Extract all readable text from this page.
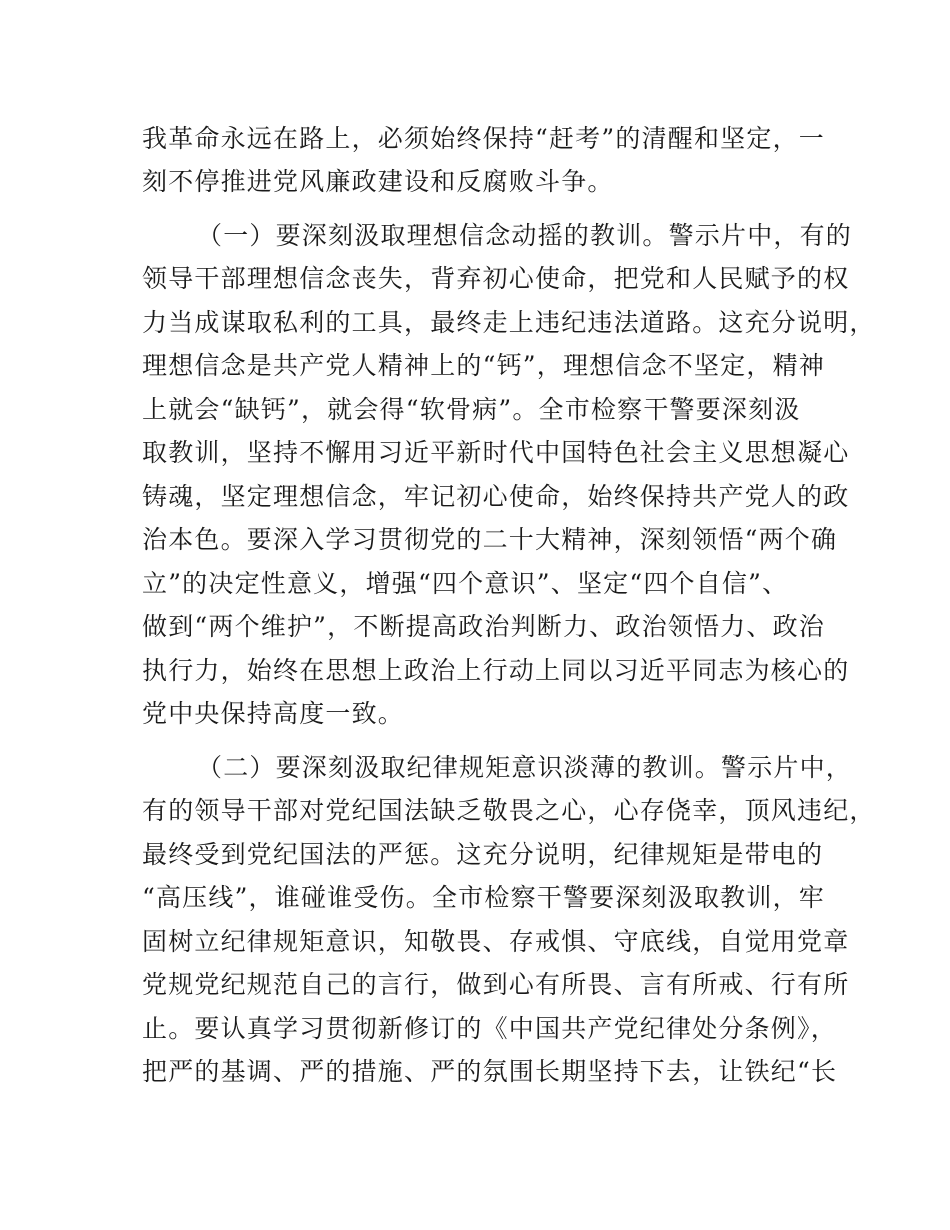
我革命永远在路上，必须始终保持“赶考”的清醒和坚定，一
刻不停推进党风廉政建设和反腐败斗争。
（一）要深刻汲取理想信念动摇的教训。警示片中，有的
领导干部理想信念丧失，背弃初心使命，把党和人民赋予的权
力当成谋取私利的工具，最终走上违纪违法道路。这充分说明，
理想信念是共产党人精神上的“钙”，理想信念不坚定，精神
上就会“缺钙”，就会得“软骨病”。全市检察干警要深刻汲
取教训，坚持不懈用习近平新时代中国特色社会主义思想凝心
铸魂，坚定理想信念，牢记初心使命，始终保持共产党人的政
治本色。要深入学习贯彻党的二十大精神，深刻领悟“两个确
立”的决定性意义，增强“四个意识”、坚定“四个自信”、
做到“两个维护”，不断提高政治判断力、政治领悟力、政治
执行力，始终在思想上政治上行动上同以习近平同志为核心的
党中央保持高度一致。
（二）要深刻汲取纪律规矩意识淡薄的教训。警示片中，
有的领导干部对党纪国法缺乏敬畏之心，心存侥幸，顶风违纪，
最终受到党纪国法的严惩。这充分说明，纪律规矩是带电的
“高压线”，谁碰谁受伤。全市检察干警要深刻汲取教训，牢
固树立纪律规矩意识，知敬畏、存戒惧、守底线，自觉用党章
党规党纪规范自己的言行，做到心有所畏、言有所戒、行有所
止。要认真学习贯彻新修订的《中国共产党纪律处分条例》，
把严的基调、严的措施、严的氛围长期坚持下去，让铁纪“长
